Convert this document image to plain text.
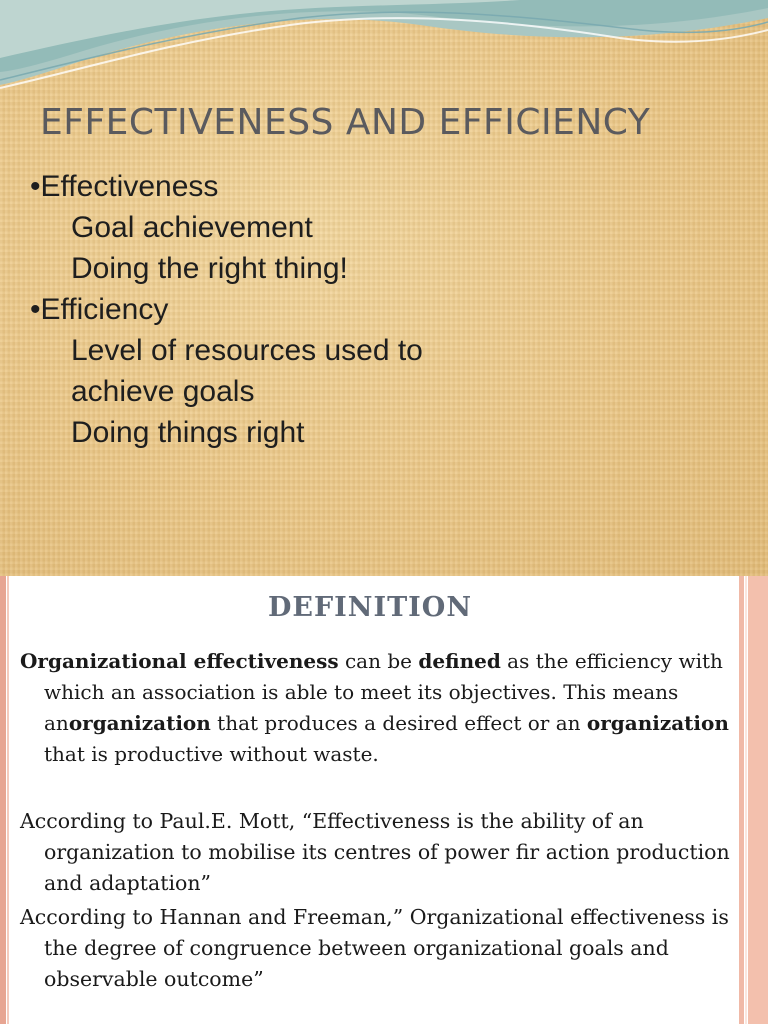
EFFECTIVENESS AND EFFICIENCY
•Effectiveness
Goal achievement
Doing the right thing!
•Efficiency
Level of resources used to
achieve goals
Doing things right
DEFINITION

Organizational effectiveness can be defined as the efficiency with which an association is able to meet its objectives. This means anorganization that produces a desired effect or an organization that is productive without waste.

According to Paul.E. Mott, “Effectiveness is the ability of an organization to mobilise its centres of power fir action production and adaptation”

According to Hannan and Freeman,” Organizational effectiveness is the degree of congruence between organizational goals and observable outcome”
